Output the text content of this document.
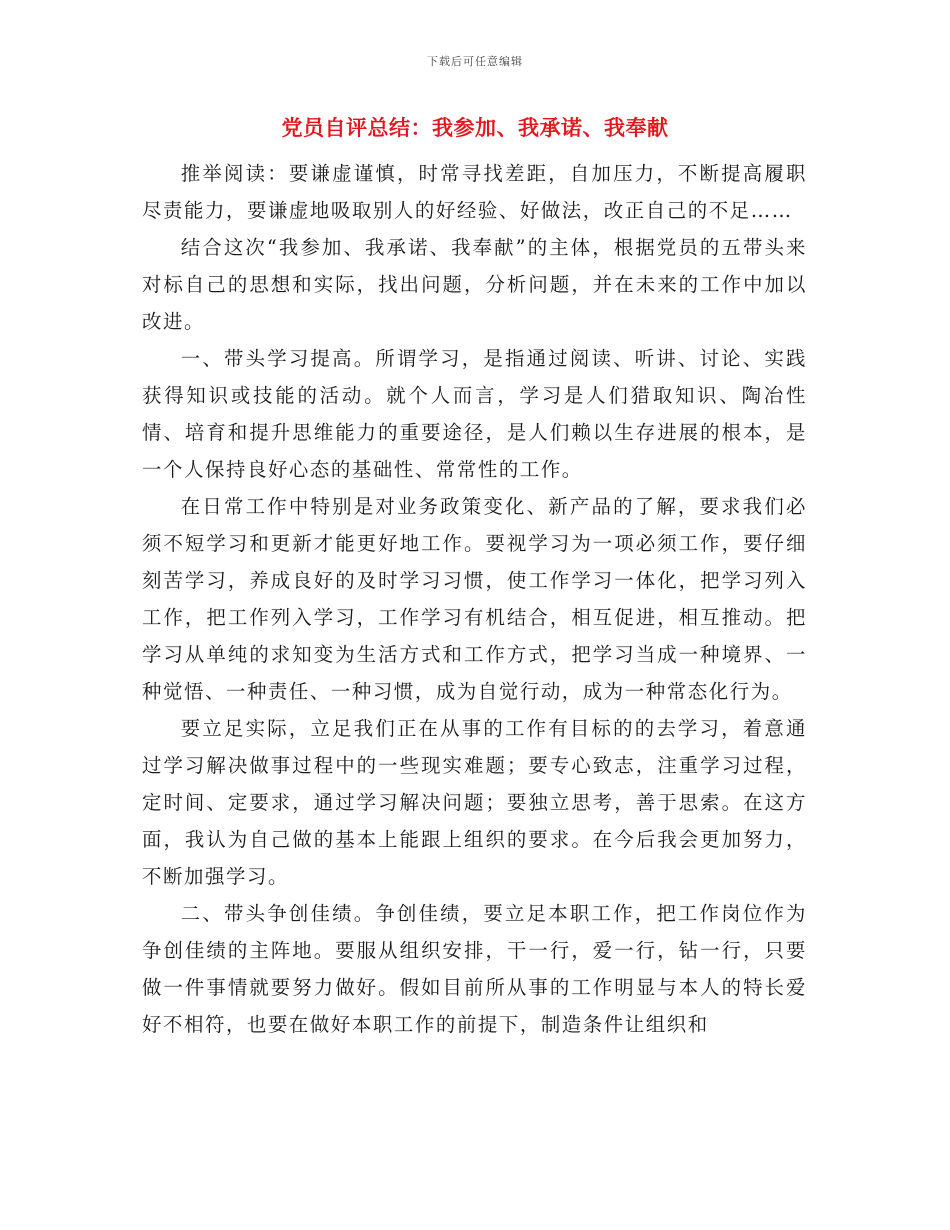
下载后可任意编辑
党员自评总结：我参加、我承诺、我奉献

推举阅读：要谦虚谨慎，时常寻找差距，自加压力，不断提高履职尽责能力，要谦虚地吸取别人的好经验、好做法，改正自己的不足……

结合这次“我参加、我承诺、我奉献”的主体，根据党员的五带头来对标自己的思想和实际，找出问题，分析问题，并在未来的工作中加以改进。

一、带头学习提高。所谓学习，是指通过阅读、听讲、讨论、实践获得知识或技能的活动。就个人而言，学习是人们猎取知识、陶冶性情、培育和提升思维能力的重要途径，是人们赖以生存进展的根本，是一个人保持良好心态的基础性、常常性的工作。

在日常工作中特别是对业务政策变化、新产品的了解，要求我们必须不短学习和更新才能更好地工作。要视学习为一项必须工作，要仔细刻苦学习，养成良好的及时学习习惯，使工作学习一体化，把学习列入工作，把工作列入学习，工作学习有机结合，相互促进，相互推动。把学习从单纯的求知变为生活方式和工作方式，把学习当成一种境界、一种觉悟、一种责任、一种习惯，成为自觉行动，成为一种常态化行为。

要立足实际，立足我们正在从事的工作有目标的的去学习，着意通过学习解决做事过程中的一些现实难题；要专心致志，注重学习过程，定时间、定要求，通过学习解决问题；要独立思考，善于思索。在这方面，我认为自己做的基本上能跟上组织的要求。在今后我会更加努力，不断加强学习。

二、带头争创佳绩。争创佳绩，要立足本职工作，把工作岗位作为争创佳绩的主阵地。要服从组织安排，干一行，爱一行，钻一行，只要做一件事情就要努力做好。假如目前所从事的工作明显与本人的特长爱好不相符，也要在做好本职工作的前提下，制造条件让组织和
